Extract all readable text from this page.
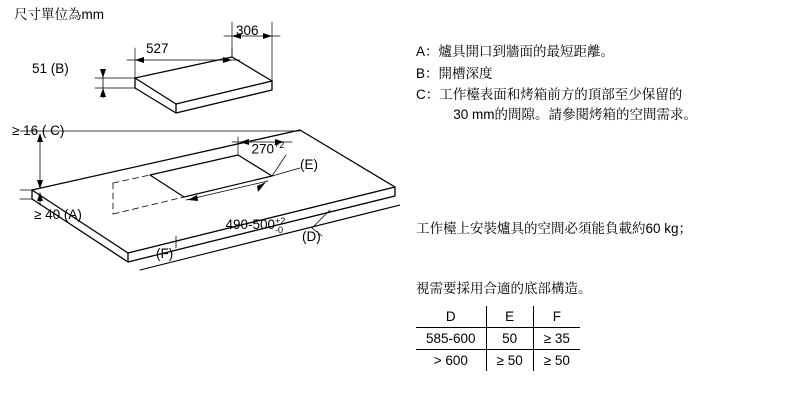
尺寸單位為mm
306
527
51 (B)
≥ 16 ( C)
≥ 40 (A)

$270^{+2}$

490-500 +2
-0

(E)
(D)
(F)
A ： 爐具開口到牆面的最短距離。
B ： 開槽深度
C ： 工作檯表面和烤箱前方的頂部至少保留的
30 mm的間隙。請參閱烤箱的空間需求。

工作檯上安裝爐具的空間必須能負載約60 kg；

視需要採用合適的底部構造。

D	E	F
585-600	50	≥ 35
> 600	≥ 50	≥ 50
